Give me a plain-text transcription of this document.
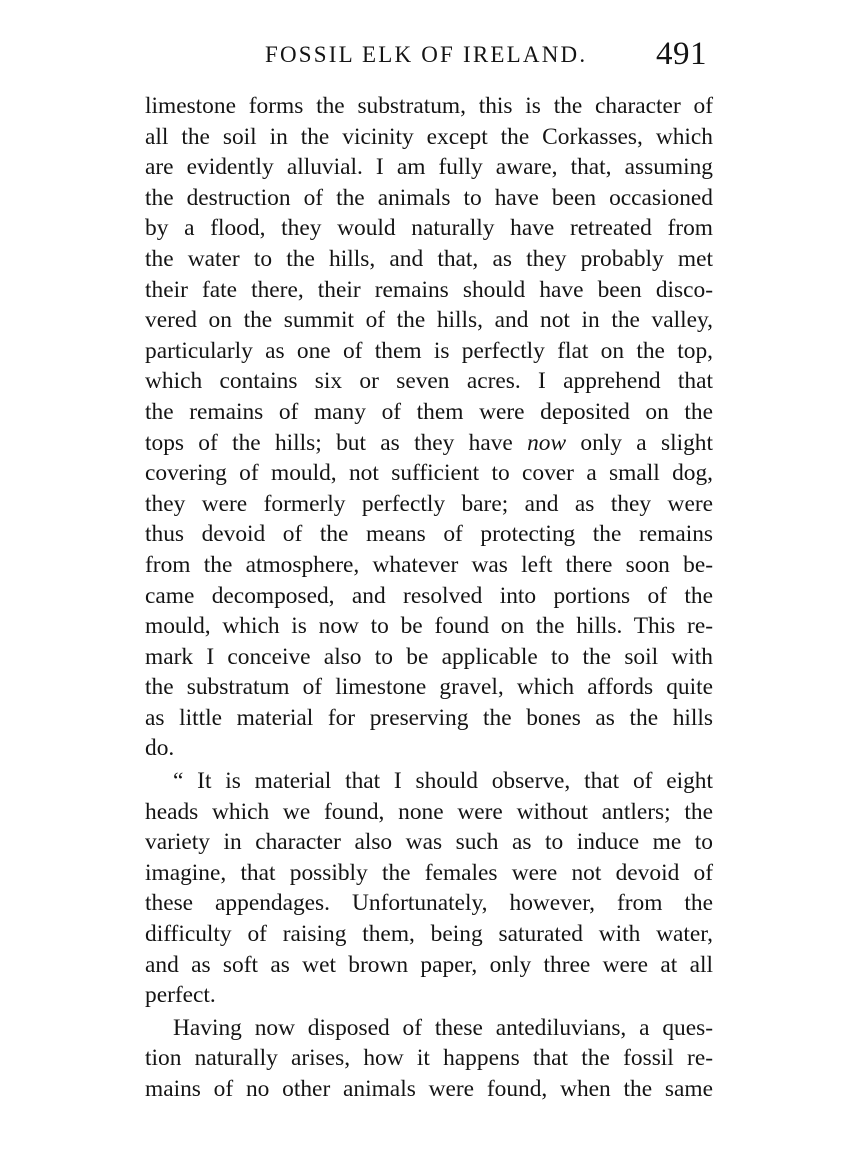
FOSSIL ELK OF IRELAND. 491

limestone forms the substratum, this is the character of
all the soil in the vicinity except the Corkasses, which
are evidently alluvial. I am fully aware, that, assuming
the destruction of the animals to have been occasioned
by a flood, they would naturally have retreated from
the water to the hills, and that, as they probably met
their fate there, their remains should have been disco-
vered on the summit of the hills, and not in the valley,
particularly as one of them is perfectly flat on the top,
which contains six or seven acres. I apprehend that
the remains of many of them were deposited on the
tops of the hills; but as they have now only a slight
covering of mould, not sufficient to cover a small dog,
they were formerly perfectly bare; and as they were
thus devoid of the means of protecting the remains
from the atmosphere, whatever was left there soon be-
came decomposed, and resolved into portions of the
mould, which is now to be found on the hills. This re-
mark I conceive also to be applicable to the soil with
the substratum of limestone gravel, which affords quite
as little material for preserving the bones as the hills
do.

“ It is material that I should observe, that of eight
heads which we found, none were without antlers; the
variety in character also was such as to induce me to
imagine, that possibly the females were not devoid of
these appendages. Unfortunately, however, from the
difficulty of raising them, being saturated with water,
and as soft as wet brown paper, only three were at all
perfect.

Having now disposed of these antediluvians, a ques-
tion naturally arises, how it happens that the fossil re-
mains of no other animals were found, when the same
